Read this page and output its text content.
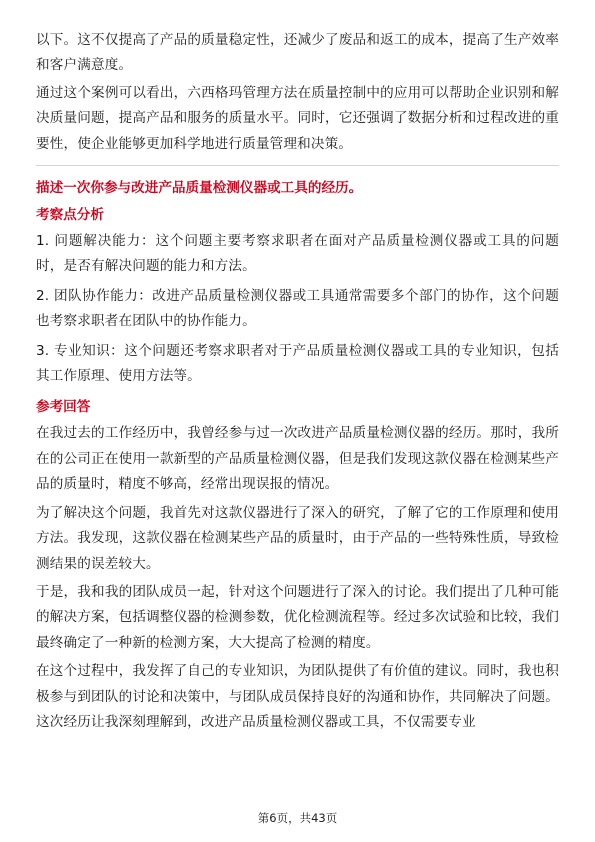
以下。这不仅提高了产品的质量稳定性，还减少了废品和返工的成本，提高了生产效率和客户满意度。

通过这个案例可以看出，六西格玛管理方法在质量控制中的应用可以帮助企业识别和解决质量问题，提高产品和服务的质量水平。同时，它还强调了数据分析和过程改进的重要性，使企业能够更加科学地进行质量管理和决策。

描述一次你参与改进产品质量检测仪器或工具的经历。
考察点分析

1. 问题解决能力：这个问题主要考察求职者在面对产品质量检测仪器或工具的问题时，是否有解决问题的能力和方法。

2. 团队协作能力：改进产品质量检测仪器或工具通常需要多个部门的协作，这个问题也考察求职者在团队中的协作能力。

3. 专业知识：这个问题还考察求职者对于产品质量检测仪器或工具的专业知识，包括其工作原理、使用方法等。

参考回答

在我过去的工作经历中，我曾经参与过一次改进产品质量检测仪器的经历。那时，我所在的公司正在使用一款新型的产品质量检测仪器，但是我们发现这款仪器在检测某些产品的质量时，精度不够高，经常出现误报的情况。

为了解决这个问题，我首先对这款仪器进行了深入的研究，了解了它的工作原理和使用方法。我发现，这款仪器在检测某些产品的质量时，由于产品的一些特殊性质，导致检测结果的误差较大。

于是，我和我的团队成员一起，针对这个问题进行了深入的讨论。我们提出了几种可能的解决方案，包括调整仪器的检测参数，优化检测流程等。经过多次试验和比较，我们最终确定了一种新的检测方案，大大提高了检测的精度。

在这个过程中，我发挥了自己的专业知识，为团队提供了有价值的建议。同时，我也积极参与到团队的讨论和决策中，与团队成员保持良好的沟通和协作，共同解决了问题。这次经历让我深刻理解到，改进产品质量检测仪器或工具，不仅需要专业

第6页，共43页
